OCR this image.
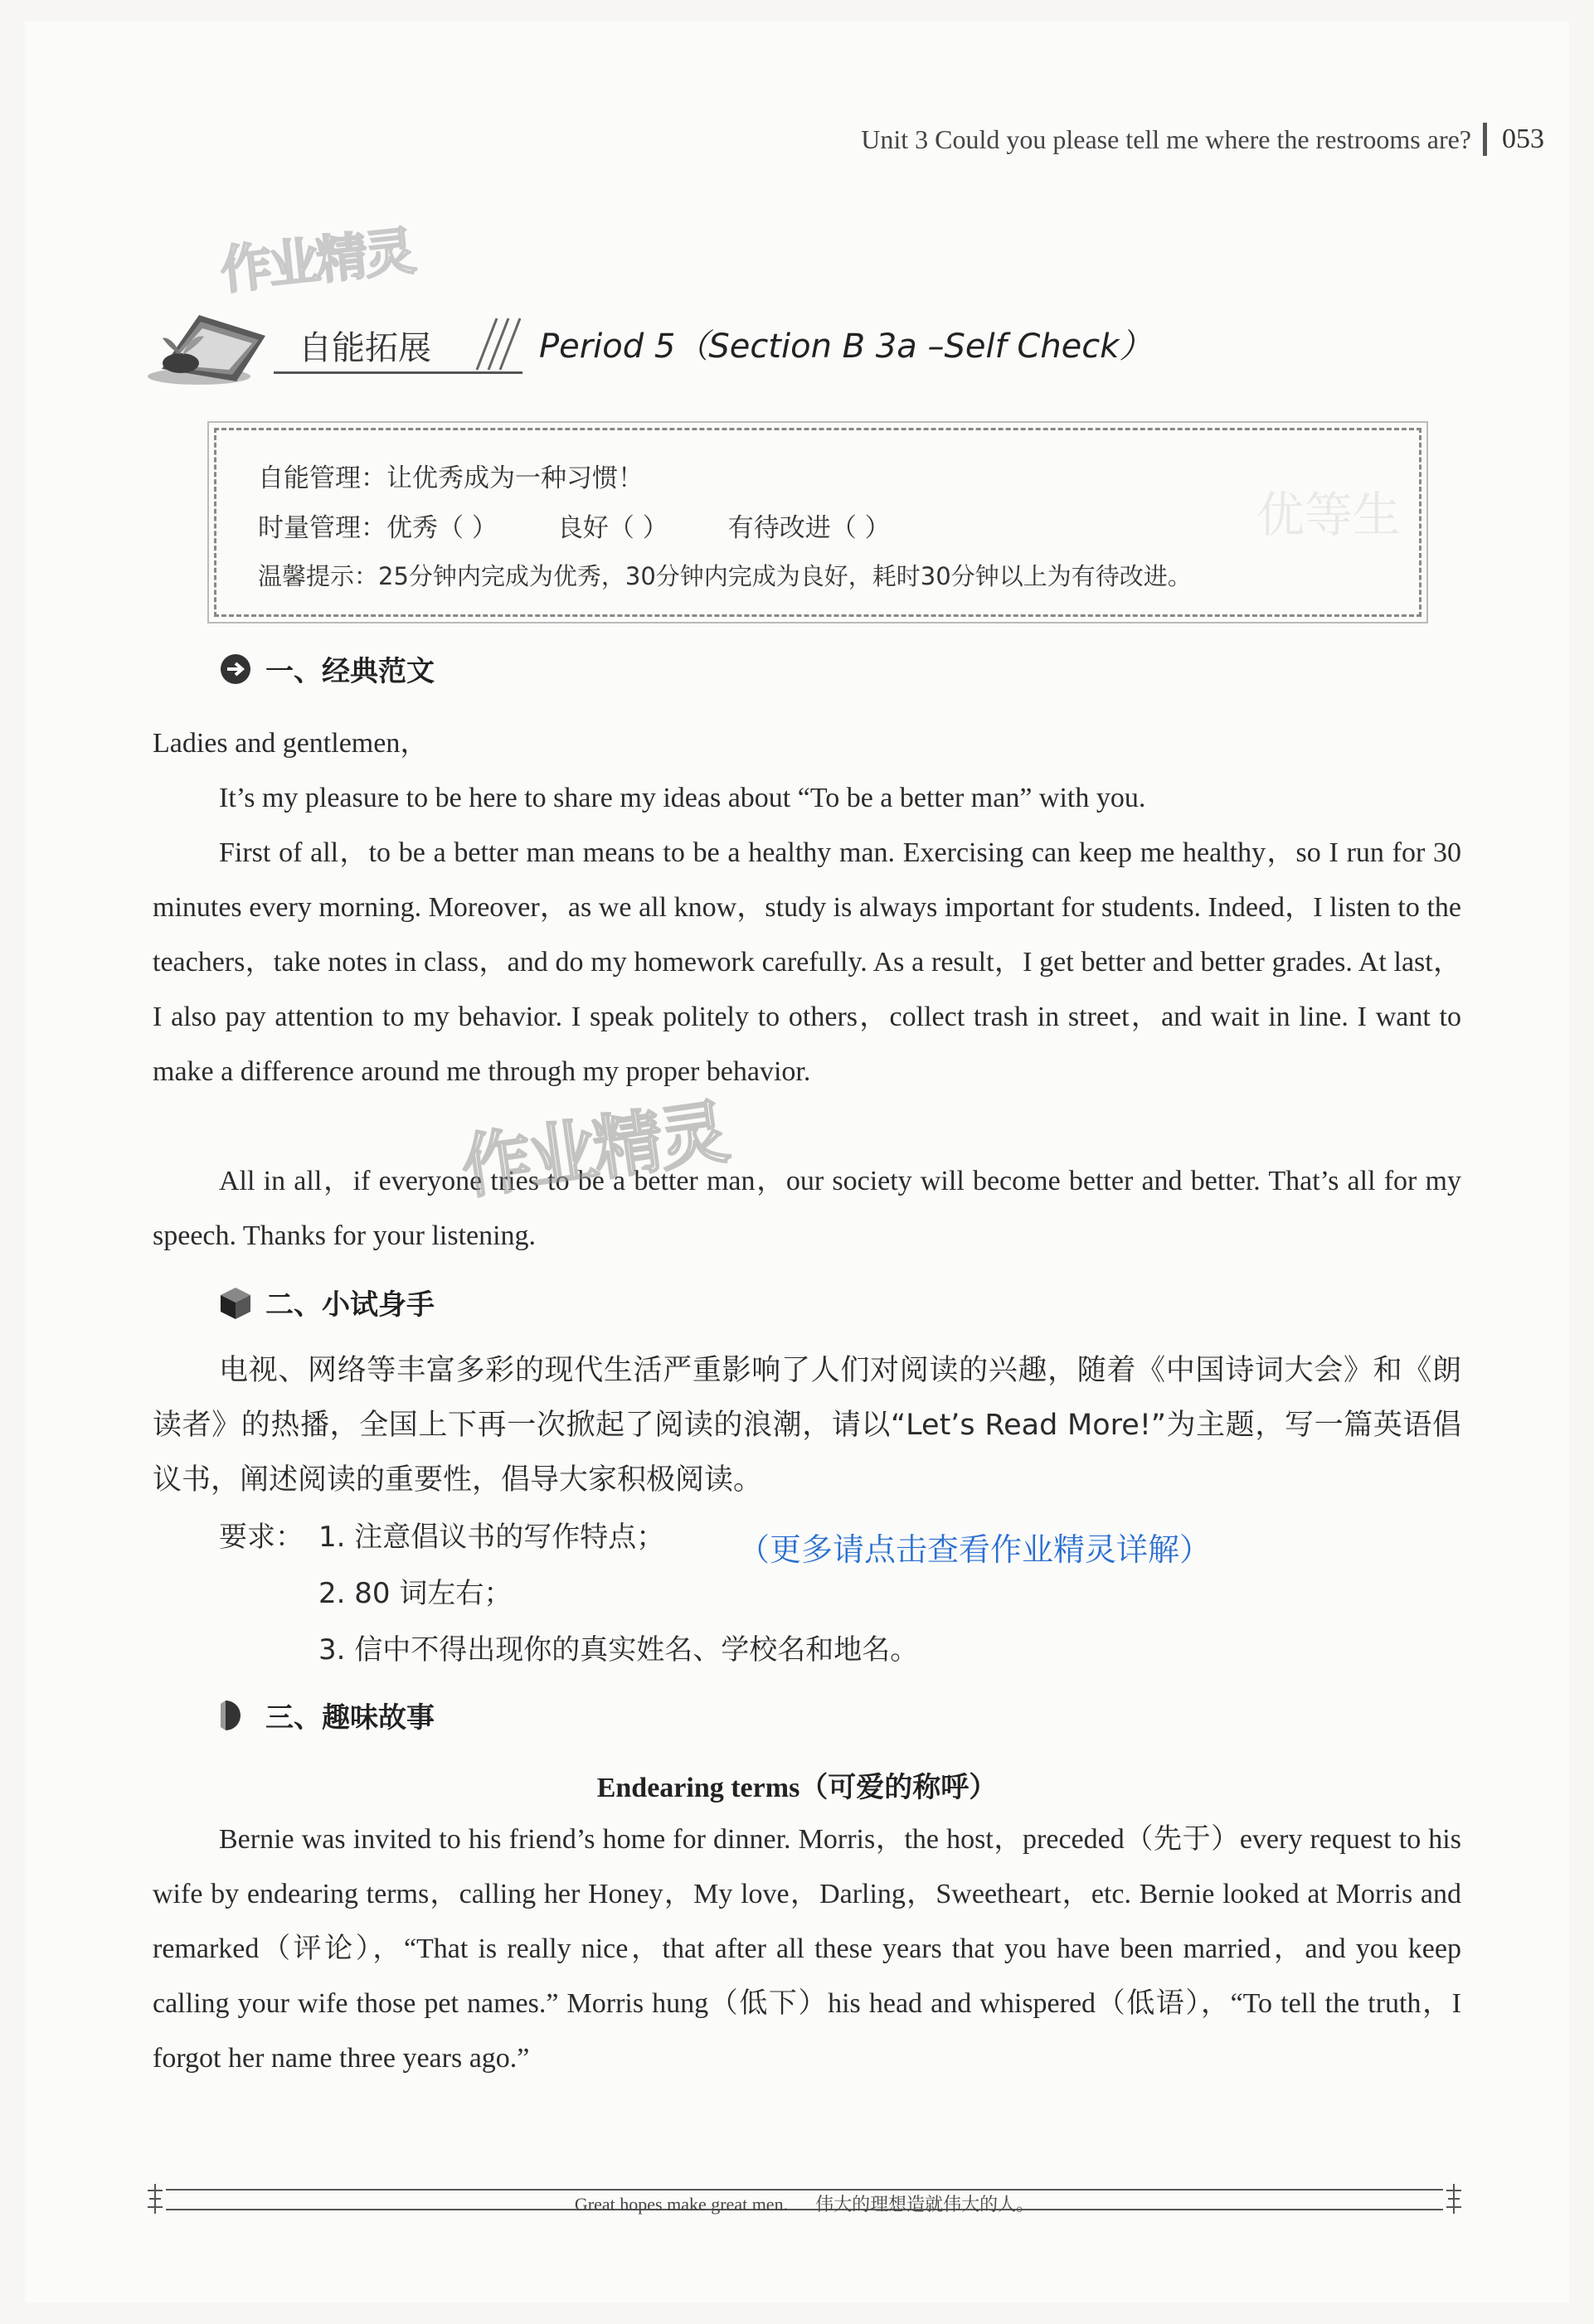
Unit 3 Could you please tell me where the restrooms are? 053
作业精灵
自能拓展	Period 5（Section B 3a –Self Check）
优等生
自能管理：让优秀成为一种习惯！
时量管理：优秀（ ） 良好（ ） 有待改进（ ）
温馨提示：25分钟内完成为优秀，30分钟内完成为良好，耗时30分钟以上为有待改进。
一、经典范文

Ladies and gentlemen，

It’s my pleasure to be here to share my ideas about “To be a better man” with you.

First of all，to be a better man means to be a healthy man. Exercising can keep me healthy，so I run for 30 minutes every morning. Moreover，as we all know，study is always important for students. Indeed，I listen to the teachers，take notes in class，and do my homework carefully. As a result，I get better and better grades. At last，I also pay attention to my behavior. I speak politely to others，collect trash in street，and wait in line. I want to make a difference around me through my proper behavior.

All in all，if everyone tries to be a better man，our society will become better and better. That’s all for my speech. Thanks for your listening.

作业精灵
二、小试身手

电视、网络等丰富多彩的现代生活严重影响了人们对阅读的兴趣，随着《中国诗词大会》和《朗读者》的热播，全国上下再一次掀起了阅读的浪潮，请以“Let’s Read More!”为主题，写一篇英语倡议书，阐述阅读的重要性，倡导大家积极阅读。

要求： 1. 注意倡议书的写作特点；
2. 80 词左右；
3. 信中不得出现你的真实姓名、学校名和地名。
（更多请点击查看作业精灵详解）
三、趣味故事
Endearing terms（可爱的称呼）

Bernie was invited to his friend’s home for dinner. Morris，the host，preceded（先于）every request to his wife by endearing terms，calling her Honey，My love，Darling，Sweetheart，etc. Bernie looked at Morris and remarked（评论），“That is really nice，that after all these years that you have been married，and you keep calling your wife those pet names.” Morris hung（低下）his head and whispered（低语），“To tell the truth，I forgot her name three years ago.”

Great hopes make great men.      伟大的理想造就伟大的人。
